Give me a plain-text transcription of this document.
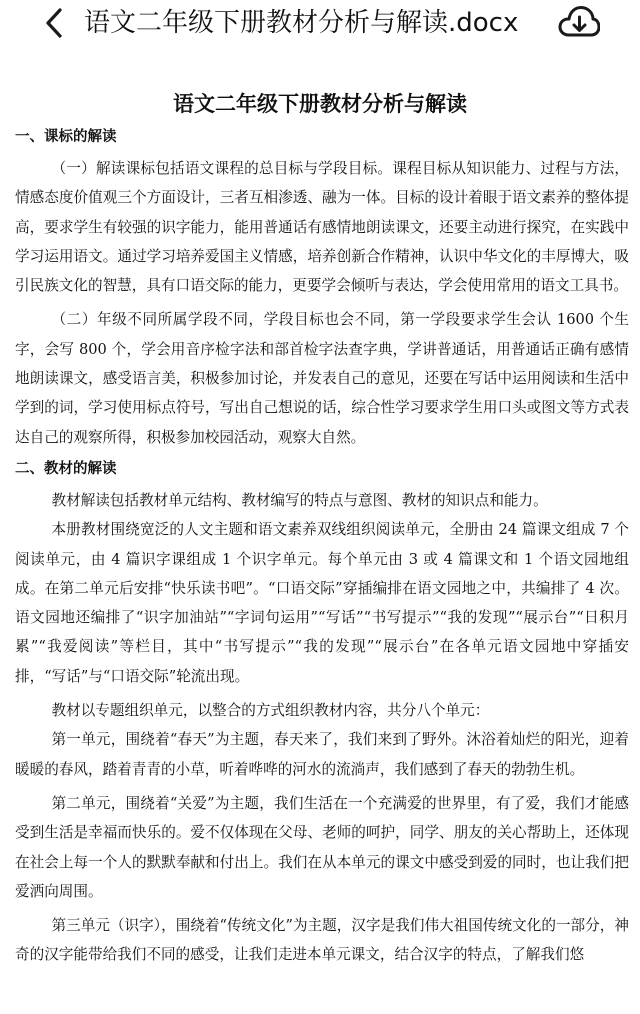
语文二年级下册教材分析与解读.docx
语文二年级下册教材分析与解读
一、课标的解读

（一）解读课标包括语文课程的总目标与学段目标。课程目标从知识能力、过程与方法，情感态度价值观三个方面设计，三者互相渗透、融为一体。目标的设计着眼于语文素养的整体提高，要求学生有较强的识字能力，能用普通话有感情地朗读课文，还要主动进行探究，在实践中学习运用语文。通过学习培养爱国主义情感，培养创新合作精神，认识中华文化的丰厚博大，吸引民族文化的智慧，具有口语交际的能力，更要学会倾听与表达，学会使用常用的语文工具书。

（二）年级不同所属学段不同，学段目标也会不同，第一学段要求学生会认 1600 个生字，会写 800 个，学会用音序检字法和部首检字法查字典，学讲普通话，用普通话正确有感情地朗读课文，感受语言美，积极参加讨论，并发表自己的意见，还要在写话中运用阅读和生活中学到的词，学习使用标点符号，写出自己想说的话，综合性学习要求学生用口头或图文等方式表达自己的观察所得，积极参加校园活动，观察大自然。

二、教材的解读

教材解读包括教材单元结构、教材编写的特点与意图、教材的知识点和能力。

本册教材围绕宽泛的人文主题和语文素养双线组织阅读单元，全册由 24 篇课文组成 7 个阅读单元，由 4 篇识字课组成 1 个识字单元。每个单元由 3 或 4 篇课文和 1 个语文园地组成。在第二单元后安排“快乐读书吧”。“口语交际”穿插编排在语文园地之中，共编排了 4 次。语文园地还编排了“识字加油站”“字词句运用”“写话”“书写提示”“我的发现”“展示台”“日积月累”“我爱阅读”等栏目，其中“书写提示”“我的发现”“展示台”在各单元语文园地中穿插安排，“写话”与“口语交际”轮流出现。

教材以专题组织单元，以整合的方式组织教材内容，共分八个单元：

第一单元，围绕着“春天”为主题，春天来了，我们来到了野外。沐浴着灿烂的阳光，迎着暖暖的春风，踏着青青的小草，听着哗哗的河水的流淌声，我们感到了春天的勃勃生机。

第二单元，围绕着“关爱”为主题，我们生活在一个充满爱的世界里，有了爱，我们才能感受到生活是幸福而快乐的。爱不仅体现在父母、老师的呵护，同学、朋友的关心帮助上，还体现在社会上每一个人的默默奉献和付出上。我们在从本单元的课文中感受到爱的同时，也让我们把爱洒向周围。

第三单元（识字），围绕着“传统文化”为主题，汉字是我们伟大祖国传统文化的一部分，神奇的汉字能带给我们不同的感受，让我们走进本单元课文，结合汉字的特点，了解我们悠
